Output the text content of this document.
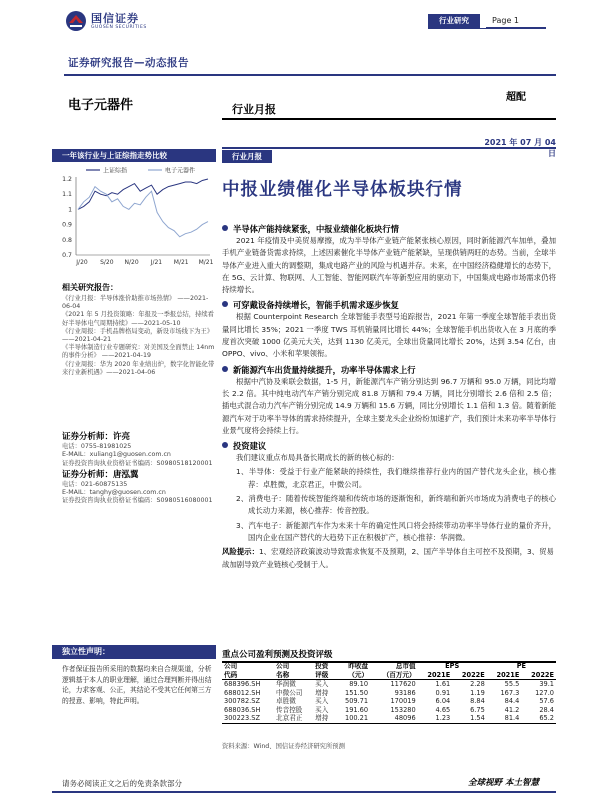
国信证券
GUOSEN SECURITIES
行业研究	Page 1
证券研究报告—动态报告
电子元器件	行业月报
超配
2021 年 07 月 04 日
一年该行业与上证综指走势比较
上证综指	电子元器件
1.2
1.1
1
0.9
0.8
0.7
J/20 S/20 N/20 J/21 M/21 M/21
相关研究报告：
《行业月报：半导体涨价助推市场热情》 ——2021-06-04
《2021 年 5 月投资策略：年报及一季报总结，持续看好半导体电气周期持续》——2021-05-10
《行业周报：手机品牌格局变动，新设市场线下为王》 ——2021-04-21
《半导体制造行业专题研究：对美国及全面禁止 14nm 的事件分析》 ——2021-04-19
《行业周报：华为 2020 年业绩出炉，数字化智能化带来行业新机遇》——2021-04-06
证券分析师：许亮
电话：0755-81981025
E-MAIL：xuliang1@guosen.com.cn
证券投资咨询执业资格证书编码：S0980518120001
证券分析师：唐泓翼
电话：021-60875135
E-MAIL：tanghy@guosen.com.cn
证券投资咨询执业资格证书编码：S0980516080001
独立性声明：
作者保证报告所采用的数据均来自合规渠道，分析逻辑基于本人的职业理解，通过合理判断并得出结论，力求客观、公正，其结论不受其它任何第三方的授意、影响，特此声明。
行业月报
中报业绩催化半导体板块行情
半导体产能持续紧张，中报业绩催化板块行情
2021 年疫情及中美贸易摩擦，成为半导体产业链产能紧张核心原因，同时新能源汽车加单，叠加手机产业链备货需求持续，上述因素催化半导体产业链产能紧缺，呈现供销两旺的态势。当前，全球半导体产业进入重大的调整期，集成电路产业的风险与机遇并存。未来，在中国经济稳健增长的态势下，在 5G、云计算、物联网、人工智能、智能网联汽车等新型应用的驱动下，中国集成电路市场需求仍将持续增长。
可穿戴设备持续增长，智能手机需求逐步恢复
根据 Counterpoint Research 全球智能手表型号追踪报告，2021 年第一季度全球智能手表出货量同比增长 35%；2021 一季度 TWS 耳机销量同比增长 44%；全球智能手机出货收入在 3 月底的季度首次突破 1000 亿美元大关，达到 1130 亿美元，全球出货量同比增长 20%，达到 3.54 亿台，由 OPPO、vivo、小米和苹果领衔。
新能源汽车出货量持续提升，功率半导体需求上行
根据中汽协及乘联会数据，1-5 月，新能源汽车产销分别达到 96.7 万辆和 95.0 万辆，同比均增长 2.2 倍。其中纯电动汽车产销分别完成 81.8 万辆和 79.4 万辆，同比分别增长 2.6 倍和 2.5 倍；插电式混合动力汽车产销分别完成 14.9 万辆和 15.6 万辆，同比分别增长 1.1 倍和 1.3 倍。随着新能源汽车对于功率半导体的需求持续提升，全球主要龙头企业纷纷加速扩产，我们预计未来功率半导体行业景气度将会持续上行。
投资建议
我们建议重点布局具备长期成长的新的核心标的：
1、半导体：受益于行业产能紧缺的持续性，我们继续推荐行业内的国产替代龙头企业，核心推荐：卓胜微，北京君正，中微公司。
2、消费电子：随着传统智能终端和传统市场的逐渐饱和，新终端和新兴市场成为消费电子的核心成长动力来源，核心推荐：传音控股。
3、汽车电子：新能源汽车作为未来十年的确定性风口将会持续带动功率半导体行业的量价齐升，国内企业在国产替代的大趋势下正在积极扩产，核心推荐：华润微。
风险提示：1、宏观经济政策波动导致需求恢复不及预期，2、国产半导体自主可控不及预期，3、贸易战加剧导致产业链核心受制于人。
重点公司盈利预测及投资评级
公司	公司	投资	昨收盘	总市值	EPS		PE	
代码	名称	评级	（元）	（百万元）	2021E	2022E	2021E	2022E
688396.SH	华润微	买入	89.10	117620	1.61	2.28	55.5	39.1
688012.SH	中微公司	增持	151.50	93186	0.91	1.19	167.3	127.0
300782.SZ	卓胜微	买入	509.71	170019	6.04	8.84	84.4	57.6
688036.SH	传音控股	买入	191.60	153280	4.65	6.75	41.2	28.4
300223.SZ	北京君正	增持	100.21	48096	1.23	1.54	81.4	65.2
资料来源：Wind、国信证券经济研究所预测
请务必阅读正文之后的免责条款部分	全球视野 本土智慧
